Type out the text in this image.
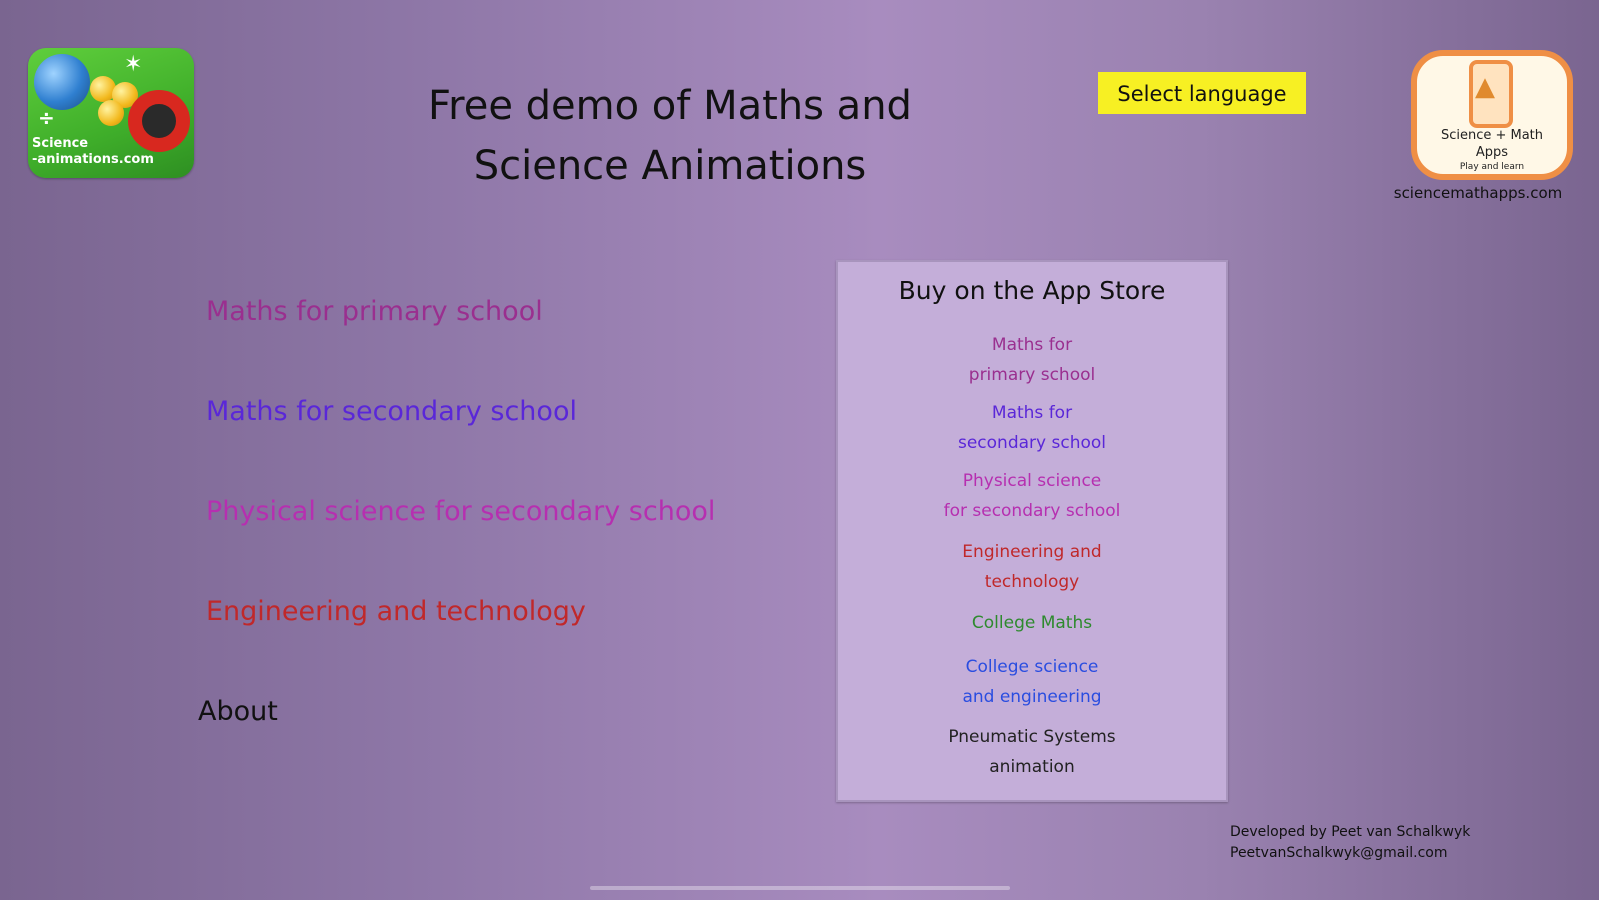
✶
÷
Science
-animations.com
Free demo of Maths and
Science Animations
Select language	▲
Science + Math
Apps
Play and learn
sciencemathapps.com
Maths for primary school
Maths for secondary school
Physical science for secondary school
Engineering and technology
About
Buy on the App Store
Maths for
primary school
Maths for
secondary school
Physical science
for secondary school
Engineering and
technology
College Maths
College science
and engineering
Pneumatic Systems
animation
Developed by Peet van Schalkwyk
PeetvanSchalkwyk@gmail.com
